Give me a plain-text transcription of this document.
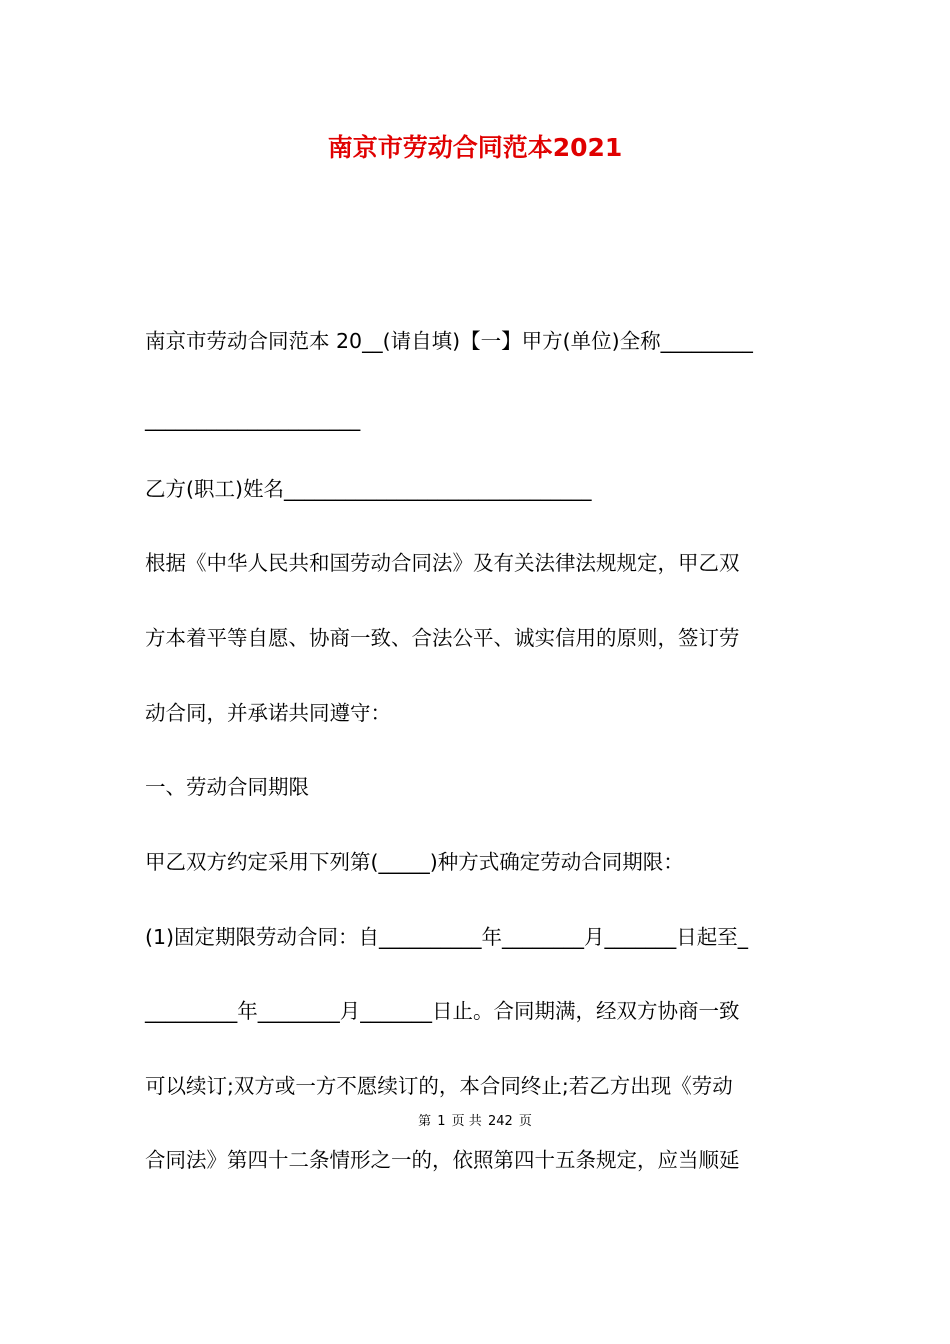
南京市劳动合同范本2021
南京市劳动合同范本 20__(请自填)【一】甲方(单位)全称_________
_____________________
乙方(职工)姓名______________________________
根据《中华人民共和国劳动合同法》及有关法律法规规定，甲乙双
方本着平等自愿、协商一致、合法公平、诚实信用的原则，签订劳
动合同，并承诺共同遵守：
一、劳动合同期限
甲乙双方约定采用下列第(_____)种方式确定劳动合同期限：
(1)固定期限劳动合同：自__________年________月_______日起至_
_________年________月_______日止。合同期满，经双方协商一致
可以续订;双方或一方不愿续订的，本合同终止;若乙方出现《劳动
合同法》第四十二条情形之一的，依照第四十五条规定，应当顺延
第 1 页 共 242 页
